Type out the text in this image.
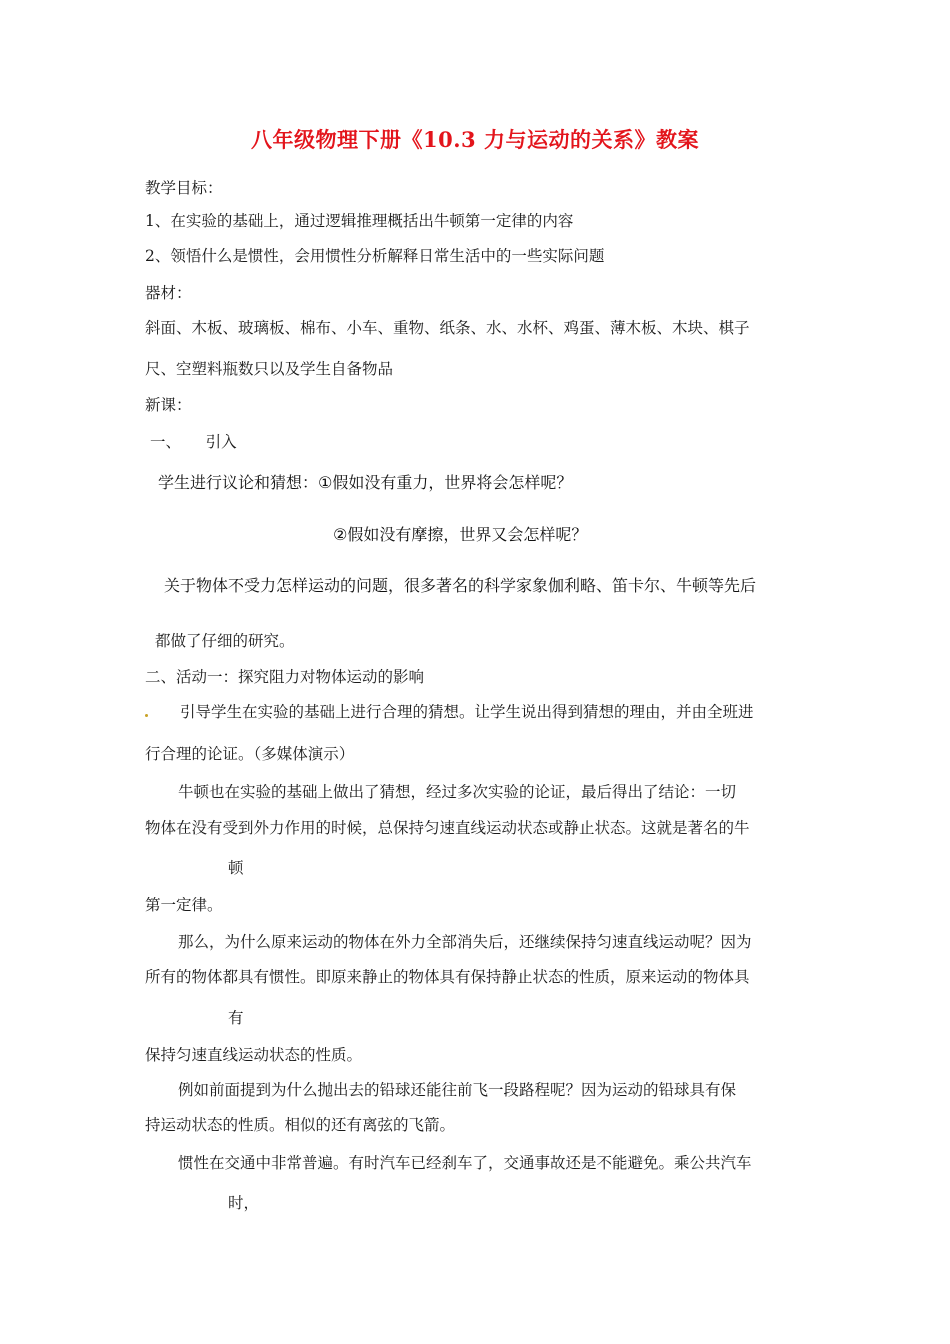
八年级物理下册《10.3 力与运动的关系》教案
教学目标：
1、在实验的基础上，通过逻辑推理概括出牛顿第一定律的内容
2、领悟什么是惯性，会用惯性分析解释日常生活中的一些实际问题
器材：
斜面、木板、玻璃板、棉布、小车、重物、纸条、水、水杯、鸡蛋、薄木板、木块、棋子
尺、空塑料瓶数只以及学生自备物品
新课：
一、     引入
学生进行议论和猜想：①假如没有重力，世界将会怎样呢？
②假如没有摩擦，世界又会怎样呢？
关于物体不受力怎样运动的问题，很多著名的科学家象伽利略、笛卡尔、牛顿等先后
都做了仔细的研究。
二、活动一：探究阻力对物体运动的影响
引导学生在实验的基础上进行合理的猜想。让学生说出得到猜想的理由，并由全班进
行合理的论证。（多媒体演示）
牛顿也在实验的基础上做出了猜想，经过多次实验的论证，最后得出了结论：一切
物体在没有受到外力作用的时候，总保持匀速直线运动状态或静止状态。这就是著名的牛
顿
第一定律。
那么，为什么原来运动的物体在外力全部消失后，还继续保持匀速直线运动呢？因为
所有的物体都具有惯性。即原来静止的物体具有保持静止状态的性质，原来运动的物体具
有
保持匀速直线运动状态的性质。
例如前面提到为什么抛出去的铅球还能往前飞一段路程呢？因为运动的铅球具有保
持运动状态的性质。相似的还有离弦的飞箭。
惯性在交通中非常普遍。有时汽车已经刹车了，交通事故还是不能避免。乘公共汽车
时，
